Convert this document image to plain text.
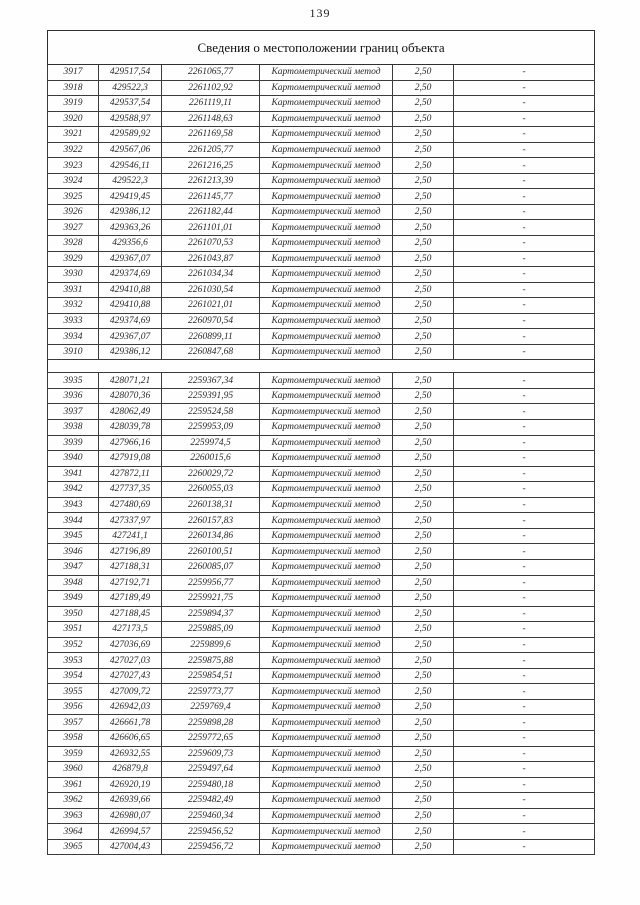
139
Сведения о местоположении границ объекта					
3917	429517,54	2261065,77	Картометрический метод	2,50	-
3918	429522,3	2261102,92	Картометрический метод	2,50	-
3919	429537,54	2261119,11	Картометрический метод	2,50	-
3920	429588,97	2261148,63	Картометрический метод	2,50	-
3921	429589,92	2261169,58	Картометрический метод	2,50	-
3922	429567,06	2261205,77	Картометрический метод	2,50	-
3923	429546,11	2261216,25	Картометрический метод	2,50	-
3924	429522,3	2261213,39	Картометрический метод	2,50	-
3925	429419,45	2261145,77	Картометрический метод	2,50	-
3926	429386,12	2261182,44	Картометрический метод	2,50	-
3927	429363,26	2261101,01	Картометрический метод	2,50	-
3928	429356,6	2261070,53	Картометрический метод	2,50	-
3929	429367,07	2261043,87	Картометрический метод	2,50	-
3930	429374,69	2261034,34	Картометрический метод	2,50	-
3931	429410,88	2261030,54	Картометрический метод	2,50	-
3932	429410,88	2261021,01	Картометрический метод	2,50	-
3933	429374,69	2260970,54	Картометрический метод	2,50	-
3934	429367,07	2260899,11	Картометрический метод	2,50	-
3910	429386,12	2260847,68	Картометрический метод	2,50	-

3935	428071,21	2259367,34	Картометрический метод	2,50	-
3936	428070,36	2259391,95	Картометрический метод	2,50	-
3937	428062,49	2259524,58	Картометрический метод	2,50	-
3938	428039,78	2259953,09	Картометрический метод	2,50	-
3939	427966,16	2259974,5	Картометрический метод	2,50	-
3940	427919,08	2260015,6	Картометрический метод	2,50	-
3941	427872,11	2260029,72	Картометрический метод	2,50	-
3942	427737,35	2260055,03	Картометрический метод	2,50	-
3943	427480,69	2260138,31	Картометрический метод	2,50	-
3944	427337,97	2260157,83	Картометрический метод	2,50	-
3945	427241,1	2260134,86	Картометрический метод	2,50	-
3946	427196,89	2260100,51	Картометрический метод	2,50	-
3947	427188,31	2260085,07	Картометрический метод	2,50	-
3948	427192,71	2259956,77	Картометрический метод	2,50	-
3949	427189,49	2259921,75	Картометрический метод	2,50	-
3950	427188,45	2259894,37	Картометрический метод	2,50	-
3951	427173,5	2259885,09	Картометрический метод	2,50	-
3952	427036,69	2259899,6	Картометрический метод	2,50	-
3953	427027,03	2259875,88	Картометрический метод	2,50	-
3954	427027,43	2259854,51	Картометрический метод	2,50	-
3955	427009,72	2259773,77	Картометрический метод	2,50	-
3956	426942,03	2259769,4	Картометрический метод	2,50	-
3957	426661,78	2259898,28	Картометрический метод	2,50	-
3958	426606,65	2259772,65	Картометрический метод	2,50	-
3959	426932,55	2259609,73	Картометрический метод	2,50	-
3960	426879,8	2259497,64	Картометрический метод	2,50	-
3961	426920,19	2259480,18	Картометрический метод	2,50	-
3962	426939,66	2259482,49	Картометрический метод	2,50	-
3963	426980,07	2259460,34	Картометрический метод	2,50	-
3964	426994,57	2259456,52	Картометрический метод	2,50	-
3965	427004,43	2259456,72	Картометрический метод	2,50	-
